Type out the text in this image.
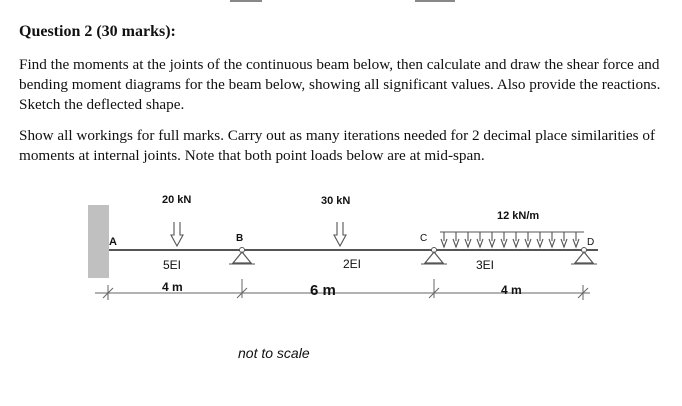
Question 2 (30 marks):

Find the moments at the joints of the continuous beam below, then calculate and draw the shear force and bending moment diagrams for the beam below, showing all significant values. Also provide the reactions. Sketch the deflected shape.

Show all workings for full marks. Carry out as many iterations needed for 2 decimal place similarities of moments at internal joints. Note that both point loads below are at mid-span.

20 kN	30 kN
12 kN/m
A	B	C	D
5EI	2EI	3EI
4 m	6 m	4 m
not to scale
